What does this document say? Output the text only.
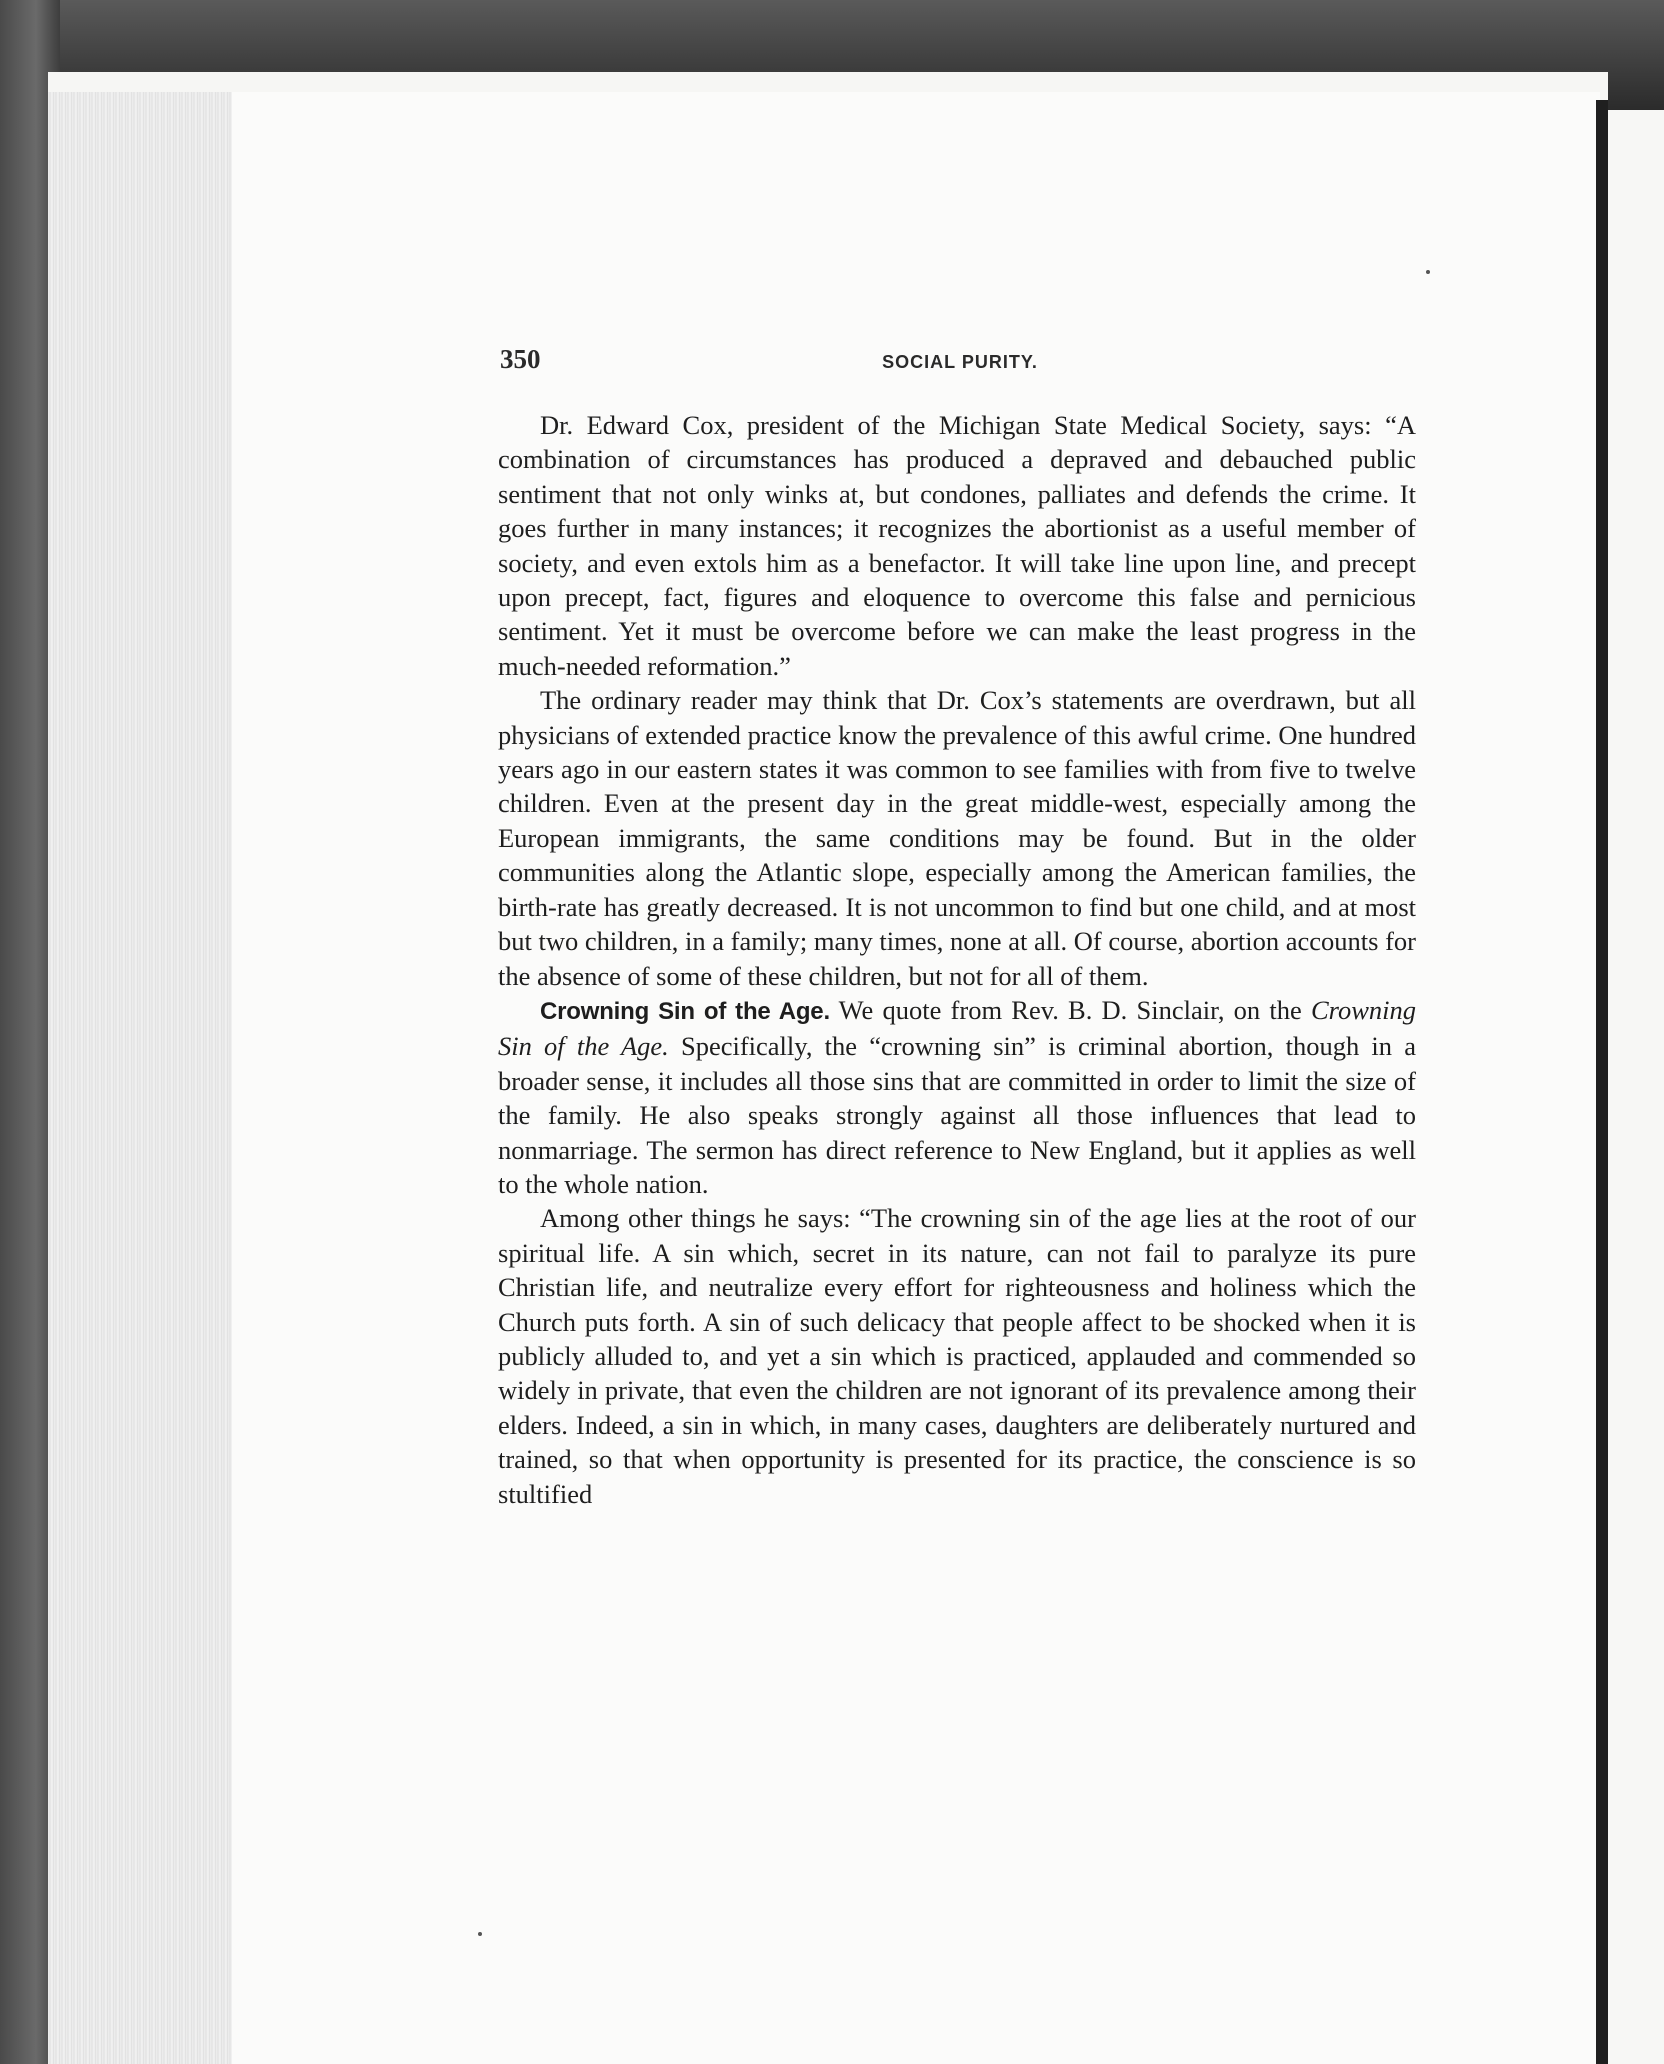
350	SOCIAL PURITY.

Dr. Edward Cox, president of the Michigan State Medical Society, says: “A combination of circumstances has produced a depraved and debauched public sentiment that not only winks at, but condones, palliates and defends the crime. It goes further in many instances; it recognizes the abortionist as a useful member of society, and even extols him as a benefactor. It will take line upon line, and precept upon precept, fact, figures and eloquence to overcome this false and pernicious sentiment. Yet it must be overcome before we can make the least progress in the much-needed reformation.”

The ordinary reader may think that Dr. Cox’s statements are overdrawn, but all physicians of extended practice know the prevalence of this awful crime. One hundred years ago in our eastern states it was common to see families with from five to twelve children. Even at the present day in the great middle-west, especially among the European immigrants, the same conditions may be found. But in the older communities along the Atlantic slope, especially among the American families, the birth-rate has greatly decreased. It is not uncommon to find but one child, and at most but two children, in a family; many times, none at all. Of course, abortion accounts for the absence of some of these children, but not for all of them.

Crowning Sin of the Age. We quote from Rev. B. D. Sinclair, on the Crowning Sin of the Age. Specifically, the “crowning sin” is criminal abortion, though in a broader sense, it includes all those sins that are committed in order to limit the size of the family. He also speaks strongly against all those influences that lead to nonmarriage. The sermon has direct reference to New England, but it applies as well to the whole nation.

Among other things he says: “The crowning sin of the age lies at the root of our spiritual life. A sin which, secret in its nature, can not fail to paralyze its pure Christian life, and neutralize every effort for righteousness and holiness which the Church puts forth. A sin of such delicacy that people affect to be shocked when it is publicly alluded to, and yet a sin which is practiced, applauded and commended so widely in private, that even the children are not ignorant of its prevalence among their elders. Indeed, a sin in which, in many cases, daughters are deliberately nurtured and trained, so that when opportunity is presented for its practice, the conscience is so stultified
